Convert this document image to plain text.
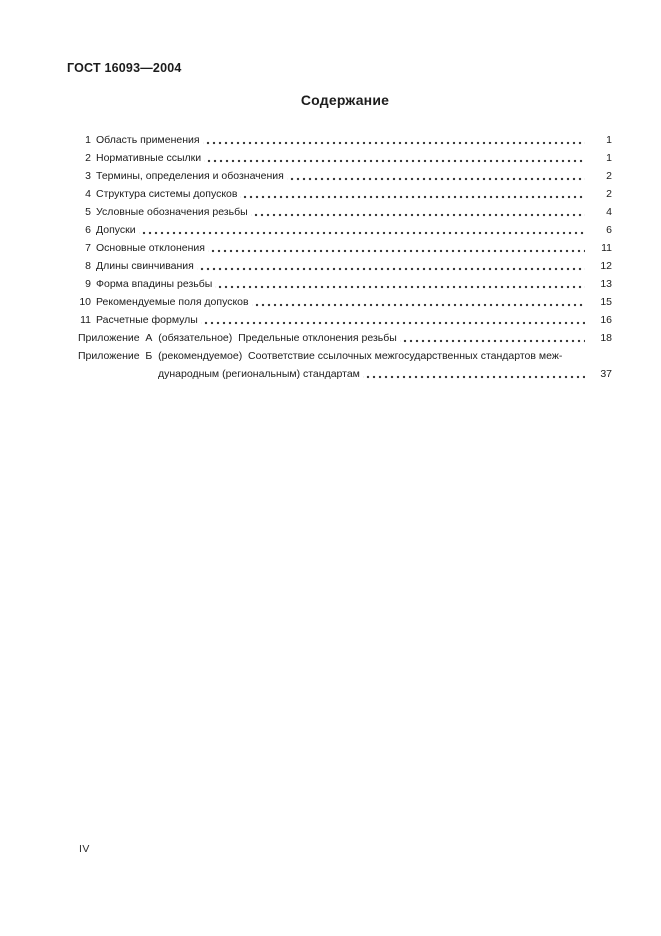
ГОСТ 16093—2004
Содержание
1 Область применения	1
2 Нормативные ссылки	1
3 Термины, определения и обозначения	2
4 Структура системы допусков	2
5 Условные обозначения резьбы	4
6 Допуски	6
7 Основные отклонения	11
8 Длины свинчивания	12
9 Форма впадины резьбы	13
10 Рекомендуемые поля допусков	15
11 Расчетные формулы	16
Приложение  А  (обязательное)  Предельные отклонения резьбы	18
Приложение  Б  (рекомендуемое)  Соответствие ссылочных межгосударственных стандартов меж-
дународным (региональным) стандартам	37
IV
